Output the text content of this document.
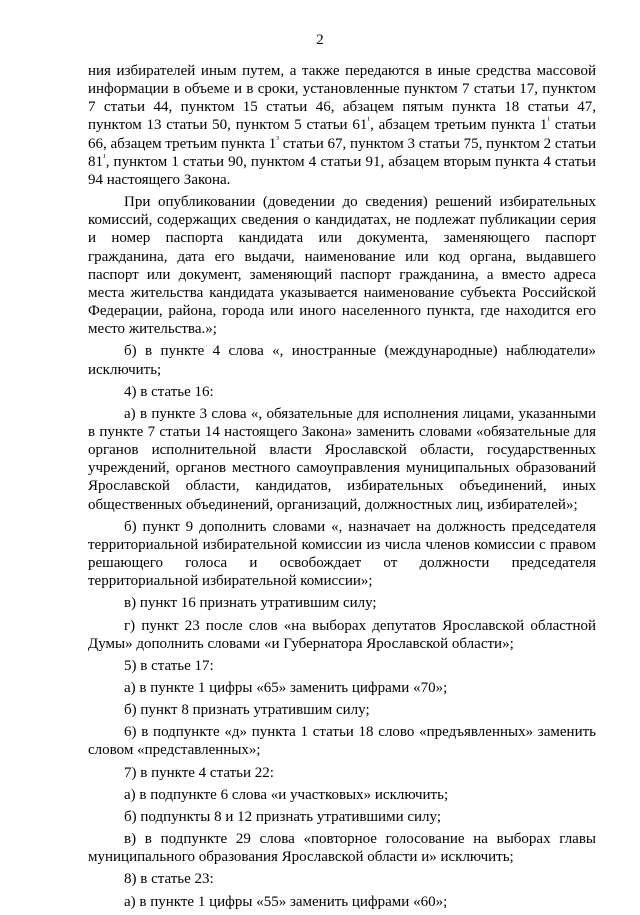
2

ния избирателей иным путем, а также передаются в иные средства массовой информации в объеме и в сроки, установленные пунктом 7 статьи 17, пунктом 7 статьи 44, пунктом 15 статьи 46, абзацем пятым пункта 18 статьи 47, пунктом 13 статьи 50, пунктом 5 статьи $61^{^1}$, абзацем третьим пункта $1^{^1}$ статьи 66, абзацем третьим пункта $1^{^3}$ статьи 67, пунктом 3 статьи 75, пунктом 2 статьи $81^{^1}$, пунктом 1 статьи 90, пунктом 4 статьи 91, абзацем вторым пункта 4 статьи 94 настоящего Закона.

При опубликовании (доведении до сведения) решений избирательных комиссий, содержащих сведения о кандидатах, не подлежат публикации серия и номер паспорта кандидата или документа, заменяющего паспорт гражданина, дата его выдачи, наименование или код органа, выдавшего паспорт или документ, заменяющий паспорт гражданина, а вместо адреса места жительства кандидата указывается наименование субъекта Российской Федерации, района, города или иного населенного пункта, где находится его место жительства.»;

б) в пункте 4 слова «, иностранные (международные) наблюдатели» исключить;

4) в статье 16:

а) в пункте 3 слова «, обязательные для исполнения лицами, указанными в пункте 7 статьи 14 настоящего Закона» заменить словами «обязательные для органов исполнительной власти Ярославской области, государственных учреждений, органов местного самоуправления муниципальных образований Ярославской области, кандидатов, избирательных объединений, иных общественных объединений, организаций, должностных лиц, избирателей»;

б) пункт 9 дополнить словами «, назначает на должность председателя территориальной избирательной комиссии из числа членов комиссии с правом решающего голоса и освобождает от должности председателя территориальной избирательной комиссии»;

в) пункт 16 признать утратившим силу;

г) пункт 23 после слов «на выборах депутатов Ярославской областной Думы» дополнить словами «и Губернатора Ярославской области»;

5) в статье 17:

а) в пункте 1 цифры «65» заменить цифрами «70»;

б) пункт 8 признать утратившим силу;

6) в подпункте «д» пункта 1 статьи 18 слово «предъявленных» заменить словом «представленных»;

7) в пункте 4 статьи 22:

а) в подпункте 6 слова «и участковых» исключить;

б) подпункты 8 и 12 признать утратившими силу;

в) в подпункте 29 слова «повторное голосование на выборах главы муниципального образования Ярославской области и» исключить;

8) в статье 23:

а) в пункте 1 цифры «55» заменить цифрами «60»;
